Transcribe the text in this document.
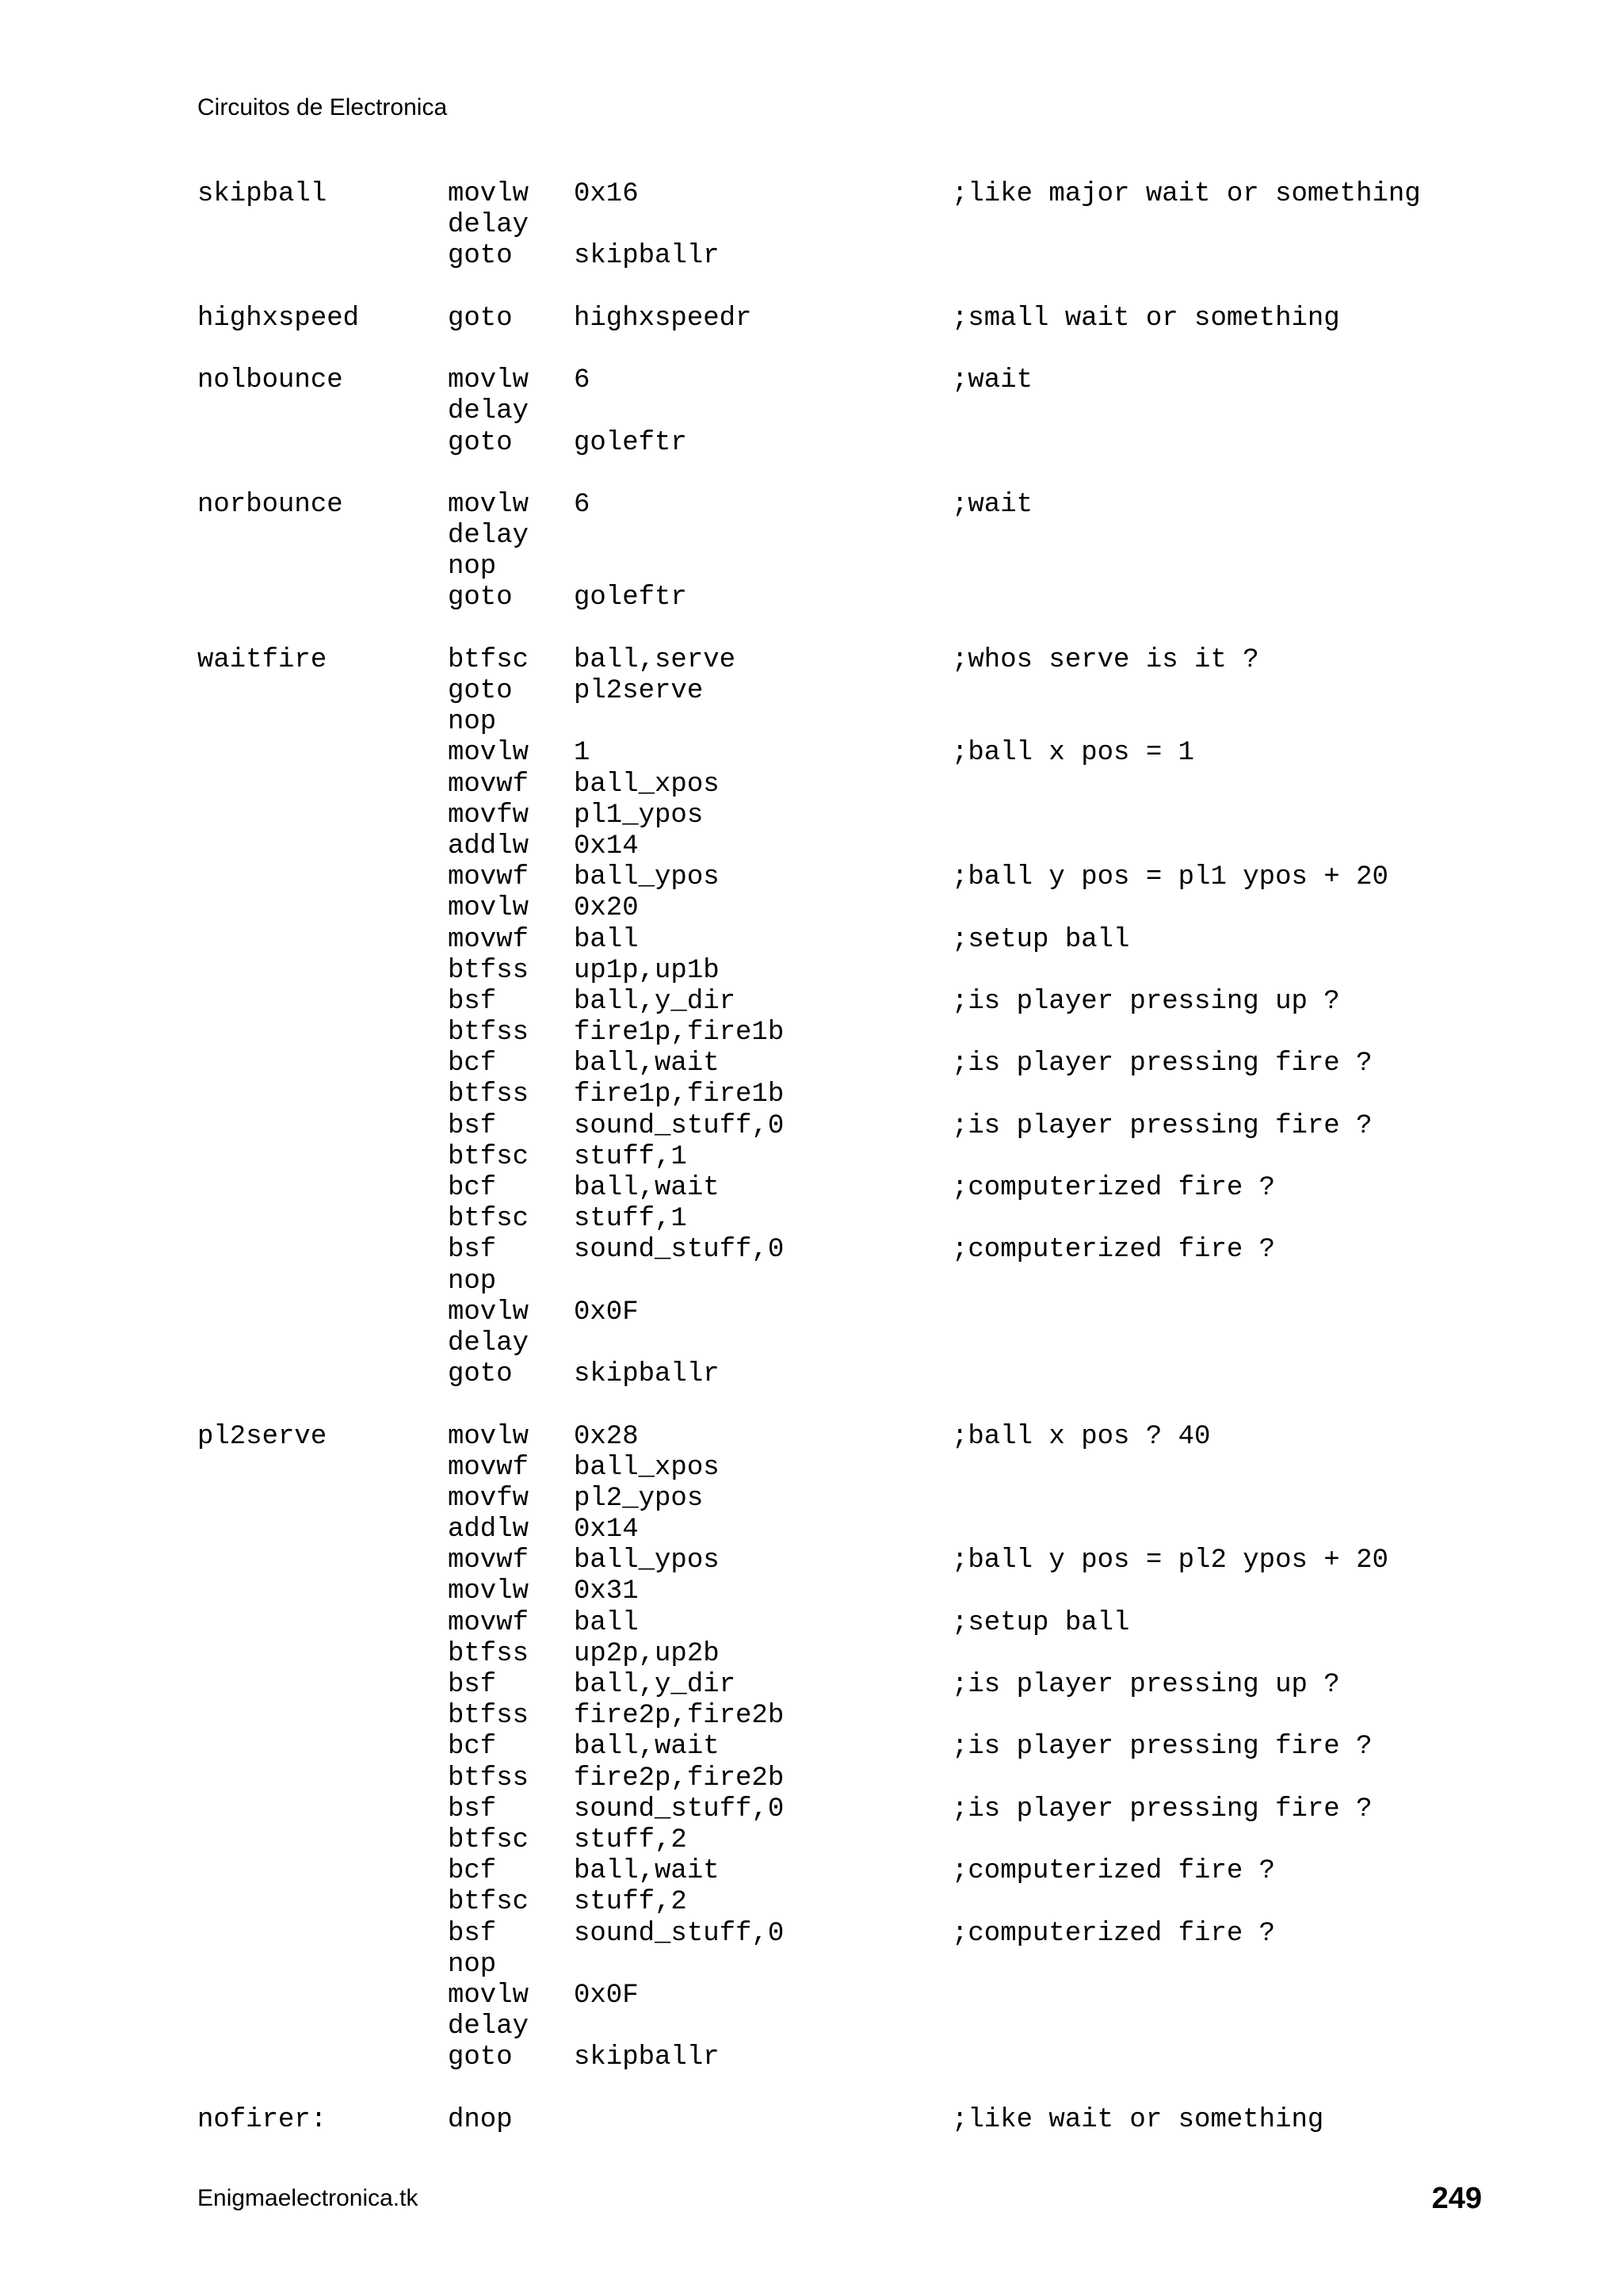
Circuitos de Electronica
skipball	movlw 0x16	;like major wait or something
delay
goto skipballr
highxspeed	goto highxspeedr	;small wait or something
nolbounce	movlw 6	;wait
delay
goto goleftr
norbounce	movlw 6	;wait
delay
nop
goto goleftr
waitfire	btfsc ball,serve	;whos serve is it ?
goto pl2serve
nop
movlw 1	;ball x pos = 1
movwf ball_xpos
movfw pl1_ypos
addlw 0x14
movwf ball_ypos	;ball y pos = pl1 ypos + 20
movlw 0x20
movwf ball	;setup ball
btfss up1p,up1b
bsf	ball,y_dir	;is player pressing up ?
btfss fire1p,fire1b
bcf	ball,wait	;is player pressing fire ?
btfss fire1p,fire1b
bsf	sound_stuff,0	;is player pressing fire ?
btfsc stuff,1
bcf	ball,wait	;computerized fire ?
btfsc stuff,1
bsf	sound_stuff,0	;computerized fire ?
nop
movlw 0x0F
delay
goto skipballr
pl2serve	movlw 0x28	;ball x pos ? 40
movwf ball_xpos
movfw pl2_ypos
addlw 0x14
movwf ball_ypos	;ball y pos = pl2 ypos + 20
movlw 0x31
movwf ball	;setup ball
btfss up2p,up2b
bsf	ball,y_dir	;is player pressing up ?
btfss fire2p,fire2b
bcf	ball,wait	;is player pressing fire ?
btfss fire2p,fire2b
bsf	sound_stuff,0	;is player pressing fire ?
btfsc stuff,2
bcf	ball,wait	;computerized fire ?
btfsc stuff,2
bsf	sound_stuff,0	;computerized fire ?
nop
movlw 0x0F
delay
goto skipballr
nofirer:	dnop	;like wait or something
Enigmaelectronica.tk	249
